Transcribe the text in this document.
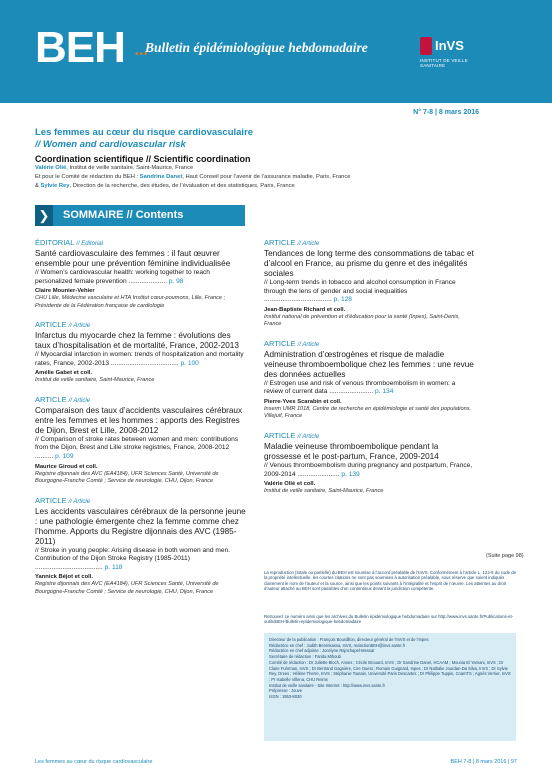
BEH •••
Bulletin épidémiologique hebdomadaire	InVS
INSTITUT DE VEILLE SANITAIRE
N° 7-8 | 8 mars 2016
Les femmes au cœur du risque cardiovasculaire
// Women and cardiovascular risk
Coordination scientifique // Scientific coordination
Valérie Olié, Institut de veille sanitaire, Saint-Maurice, France
Et pour le Comité de rédaction du BEH : Sandrine Danet, Haut Conseil pour l’avenir de l’assurance maladie, Paris, France
& Sylvie Rey, Direction de la recherche, des études, de l’évaluation et des statistiques, Paris, France
❯	SOMMAIRE // Contents
ÉDITORIAL // Editorial
Santé cardiovasculaire des femmes : il faut œuvrer ensemble pour une prévention féminine individualisée
// Women’s cardiovascular health: working together to reach personalized female prevention ..................... p. 98
Claire Mounier-Vehier
CHU Lille, Médecine vasculaire et HTA Institut cœur-poumons, Lille, France ; Présidente de la Fédération française de cardiologie
ARTICLE // Article
Infarctus du myocarde chez la femme : évolutions des taux d’hospitalisation et de mortalité, France, 2002-2013
// Myocardial infarction in women: trends of hospitalization and mortality rates, France, 2002-2013 ..................................... p. 100
Amélie Gabet et coll.
Institut de veille sanitaire, Saint-Maurice, France
ARTICLE // Article
Comparaison des taux d’accidents vasculaires cérébraux entre les femmes et les hommes : apports des Registres de Dijon, Brest et Lille, 2008-2012
// Comparison of stroke rates between women and men: contributions from the Dijon, Brest and Lille stroke registries, France, 2008-2012 .......... p. 109
Maurice Giroud et coll.
Registre dijonnais des AVC (EA4184), UFR Sciences Santé, Université de Bourgogne-Franche Comté ; Service de neurologie, CHU, Dijon, France
ARTICLE // Article
Les accidents vasculaires cérébraux de la personne jeune : une pathologie émergente chez la femme comme chez l’homme. Apports du Registre dijonnais des AVC (1985-2011)
// Stroke in young people: Arising disease in both women and men. Contribution of the Dijon Stroke Registry (1985-2011) ..................................... p. 118
Yannick Béjot et coll.
Registre dijonnais des AVC (EA4184), UFR Sciences Santé, Université de Bourgogne-Franche Comté ; Service de neurologie, CHU, Dijon, France
ARTICLE // Article
Tendances de long terme des consommations de tabac et d’alcool en France, au prisme du genre et des inégalités sociales
// Long-term trends in tobacco and alcohol consumption in France through the lens of gender and social inequalities ..................................... p. 128
Jean-Baptiste Richard et coll.
Institut national de prévention et d’éducation pour la santé (Inpes), Saint-Denis, France
ARTICLE // Article
Administration d’œstrogènes et risque de maladie veineuse thromboembolique chez les femmes : une revue des données actuelles
// Estrogen use and risk of venous thromboembolism in women: a review of current data ........................ p. 134
Pierre-Yves Scarabin et coll.
Inserm UMR 1018, Centre de recherche en épidémiologie et santé des populations, Villejuif, France
ARTICLE // Article
Maladie veineuse thromboembolique pendant la grossesse et le post-partum, France, 2009-2014
// Venous thromboembolism during pregnancy and postpartum, France, 2009-2014 ....................... p. 139
Valérie Olié et coll.
Institut de veille sanitaire, Saint-Maurice, France
(Suite page 98)
La reproduction (totale ou partielle) du BEH est soumise à l’accord préalable de l’InVS. Conformément à l’article L. 122-5 du code de la propriété intellectuelle, les courtes citations ne sont pas soumises à autorisation préalable, sous réserve que soient indiqués clairement le nom de l’auteur et la source, ainsi que les points suivants à l’intégralité et l’esprit de l’œuvre. Les atteintes au droit d’auteur attaché au BEH sont passibles d’un contentieux devant la juridiction compétente.
Retrouvez ce numéro ainsi que les archives du Bulletin épidémiologique hebdomadaire sur http://www.invs.sante.fr/Publications-et-outils/BEH-Bulletin-epidemiologique-hebdomadaire
Directeur de la publication : François Bourdillon, directeur général de l’InVS et de l’Inpes
Rédactrice en chef : Judith Benrekassa, InVS, redactionBEH@invs.sante.fr
Rédactrice en chef adjointe : Jocelyne Rajnchapel-Messaï
Secrétaire de rédaction : Farida Mihoub
Comité de rédaction : Dr Juliette Bloch, Anses ; Cécile Brouard, InVS ; Dr Sandrine Danet, HCAAM ; Mounia El Yamani, InVS ; Dr Claire Fuhrman, InVS ; Dr Bertrand Gagnière, Cire Ouest ; Romain Guignard, Inpes ; Dr Nathalie Jourdan-Da Silva, InVS ; Dr Sylvie Rey, Drees ; Hélène Therre, InVS ; Stéphanie Toutain, Université Paris Descartes ; Dr Philippe Tuppin, CnamTS ; Agnès Verrier, InVS ; Pr Isabelle Villena, CHU Reims
Institut de veille sanitaire - Site Internet : http://www.invs.sante.fr
Prépresse : Jouve
ISSN : 1953-8030
Les femmes au cœur du risque cardiovasculaire	BEH 7-8 | 8 mars 2016 | 97
